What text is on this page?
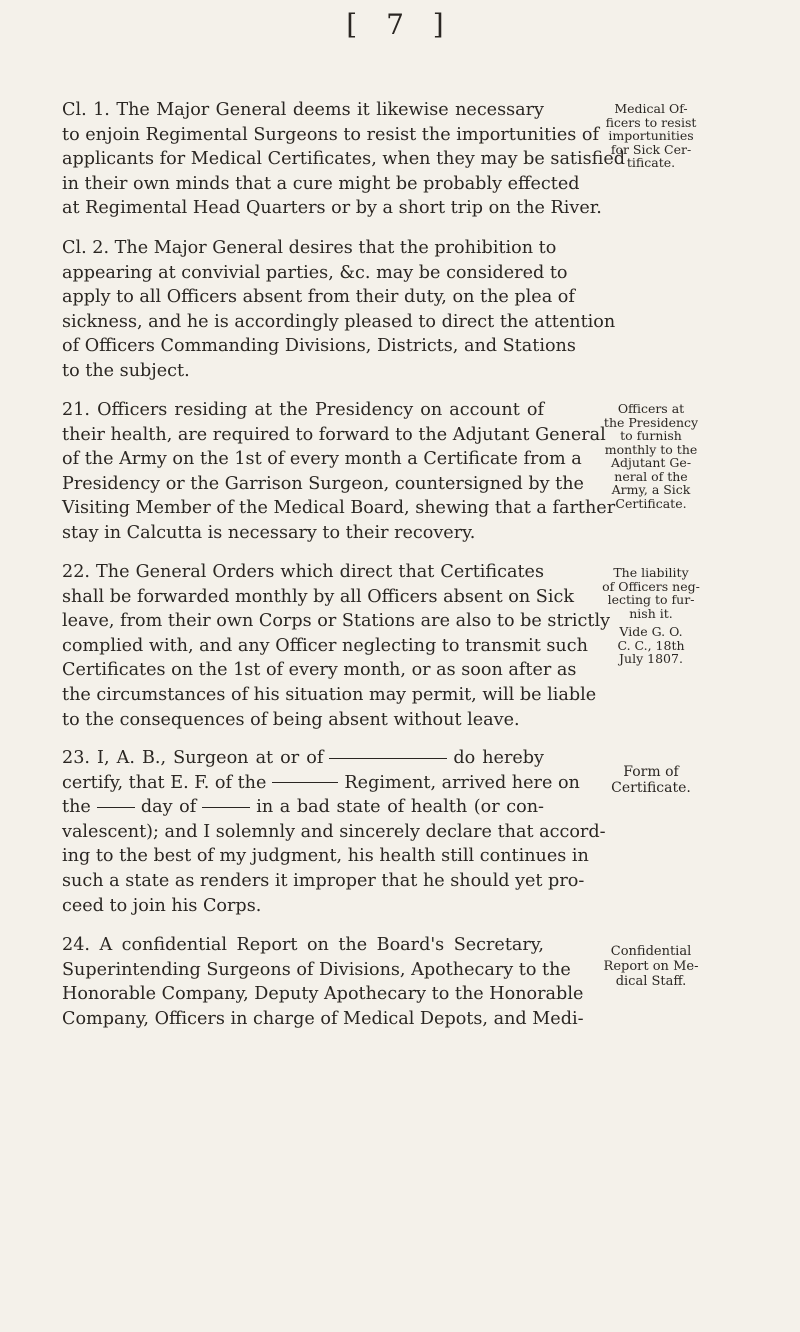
[ 7 ]
Cl. 1. The Major General deems it likewise necessary
to enjoin Regimental Surgeons to resist the importunities of
applicants for Medical Certificates, when they may be satisfied
in their own minds that a cure might be probably effected
at Regimental Head Quarters or by a short trip on the River.
Medical Of-
ficers to resist
importunities
for Sick Cer-
tificate.
Cl. 2. The Major General desires that the prohibition to
appearing at convivial parties, &c. may be considered to
apply to all Officers absent from their duty, on the plea of
sickness, and he is accordingly pleased to direct the attention
of Officers Commanding Divisions, Districts, and Stations
to the subject.
21. Officers residing at the Presidency on account of
their health, are required to forward to the Adjutant General
of the Army on the 1st of every month a Certificate from a
Presidency or the Garrison Surgeon, countersigned by the
Visiting Member of the Medical Board, shewing that a farther
stay in Calcutta is necessary to their recovery.
Officers at
the Presidency
to furnish
monthly to the
Adjutant Ge-
neral of the
Army, a Sick
Certificate.
22. The General Orders which direct that Certificates
shall be forwarded monthly by all Officers absent on Sick
leave, from their own Corps or Stations are also to be strictly
complied with, and any Officer neglecting to transmit such
Certificates on the 1st of every month, or as soon after as
the circumstances of his situation may permit, will be liable
to the consequences of being absent without leave.
The liability
of Officers neg-
lecting to fur-
nish it.
Vide G. O.
C. C., 18th
July 1807.
23. I, A. B., Surgeon at or of	do hereby
certify, that E. F. of the	Regiment, arrived here on
the	day of	in a bad state of health (or con-
valescent); and I solemnly and sincerely declare that accord-
ing to the best of my judgment, his health still continues in
such a state as renders it improper that he should yet pro-
ceed to join his Corps.
Form of
Certificate.
24. A confidential Report on the Board's Secretary,
Superintending Surgeons of Divisions, Apothecary to the
Honorable Company, Deputy Apothecary to the Honorable
Company, Officers in charge of Medical Depots, and Medi-
Confidential
Report on Me-
dical Staff.
